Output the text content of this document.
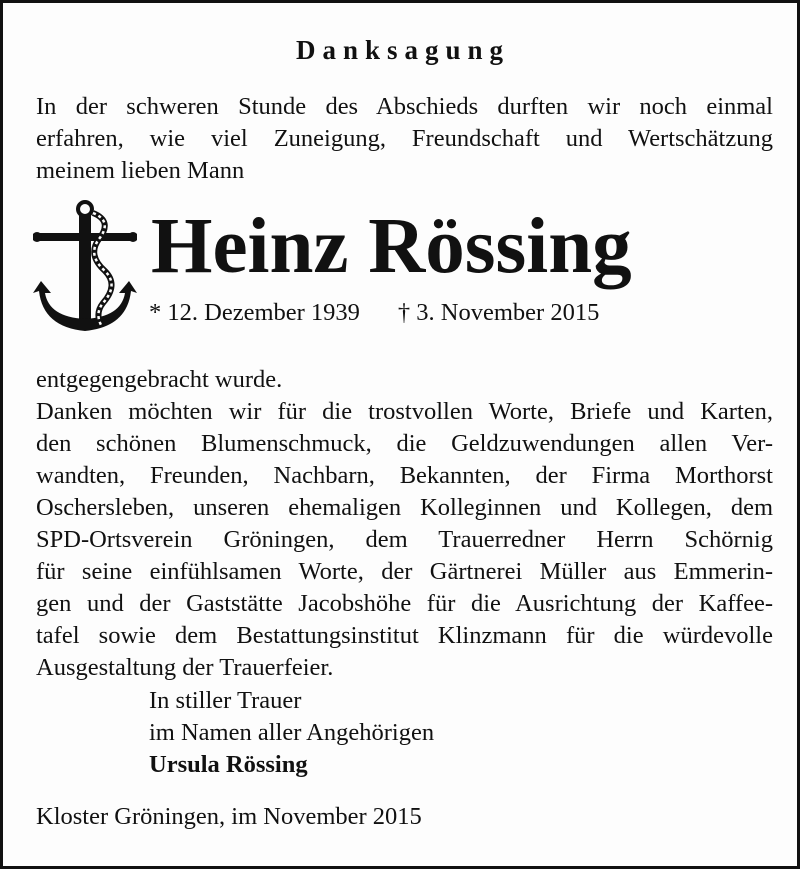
Danksagung

In der schweren Stunde des Abschieds durften wir noch einmal
erfahren, wie viel Zuneigung, Freundschaft und Wertschätzung
meinem lieben Mann

Heinz Rössing
* 12. Dezember 1939 † 3. November 2015

entgegengebracht wurde.
Danken möchten wir für die trostvollen Worte, Briefe und Karten,
den schönen Blumenschmuck, die Geldzuwendungen allen Ver-
wandten, Freunden, Nachbarn, Bekannten, der Firma Morthorst
Oschersleben, unseren ehemaligen Kolleginnen und Kollegen, dem
SPD-Ortsverein Gröningen, dem Trauerredner Herrn Schörnig
für seine einfühlsamen Worte, der Gärtnerei Müller aus Emmerin-
gen und der Gaststätte Jacobshöhe für die Ausrichtung der Kaffee-
tafel sowie dem Bestattungsinstitut Klinzmann für die würdevolle
Ausgestaltung der Trauerfeier.

In stiller Trauer
im Namen aller Angehörigen
Ursula Rössing
Kloster Gröningen, im November 2015
